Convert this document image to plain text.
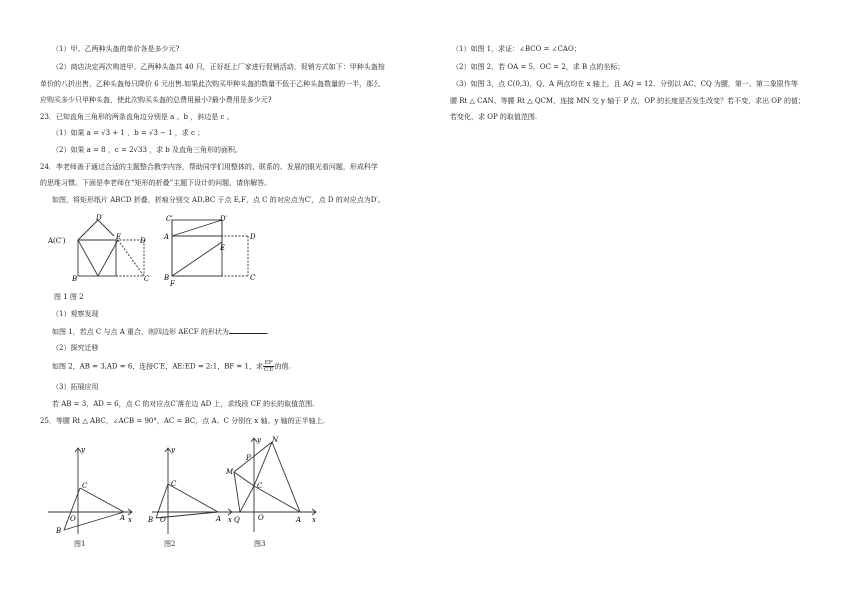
（1）甲、乙两种头盔的单价各是多少元?
（2）商店决定再次购进甲、乙两种头盔共 40 只，正好赶上厂家进行促销活动，促销方式如下：甲种头盔按
单价的八折出售，乙种头盔每只降价 6 元出售.如果此次购买甲种头盔的数量不低于乙种头盔数量的一半，那么
应购买多少只甲种头盔，使此次购买头盔的总费用最小?最小费用是多少元?
23．已知直角三角形的两条直角边分别是 a 、b ，斜边是 c 。
（1）如果 a = √3 + 1 ，b = √3 − 1 ，求 c ；
（2）如果 a = 8 ，c = 2√33 ，求 b 及直角三角形的面积。
24．李老师善于通过合适的主题整合教学内容，帮助同学们用整体的、联系的、发展的眼光看问题，形成科学
的思维习惯。下面是李老师在“矩形的折叠”主题下设计的问题，请你解答。
如图，将矩形纸片 ABCD 折叠，折痕分别交 AD,BC 于点 E,F，点 C 的对应点为C′，点 D 的对应点为D′。
A(C′)
D′
E	D
B	C
C′	D′
A	D
E
B
F
C
图 1 图 2
（1）观察发现
如图 1，若点 C 与点 A 重合，则四边形 AECF 的形状为	.
（2）探究迁移
如图 2，AB = 3,AD = 6，连接C′E，AE:ED = 2:1，BF = 1，求 $\frac{EF}{C'E}$ 的值.
（3）拓展应用
若 AB = 3，AD = 6，点 C 的对应点C′落在边 AD 上，求线段 CF 的长的取值范围.
25．等腰 Rt △ ABC，∠ACB = 90°，AC = BC，点 A、C 分别在 x 轴、y 轴的正半轴上.
y
x
O
C
A
B
y
x
O
C
A
B
y
x
O
Q	A
C
M
N
P
图1	图2	图3
（1）如图 1，求证：∠BCO = ∠CAO；
（2）如图 2，若 OA = 5，OC = 2，求 B 点的坐标；
（3）如图 3，点 C(0,3)，Q、A 两点均在 x 轴上，且 AQ = 12．分别以 AC、CQ 为腰，第一、第二象限作等
腰 Rt △ CAN、等腰 Rt △ QCM，连接 MN 交 y 轴于 P 点，OP 的长度是否发生改变？若不变，求出 OP 的值；
若变化，求 OP 的取值范围.
